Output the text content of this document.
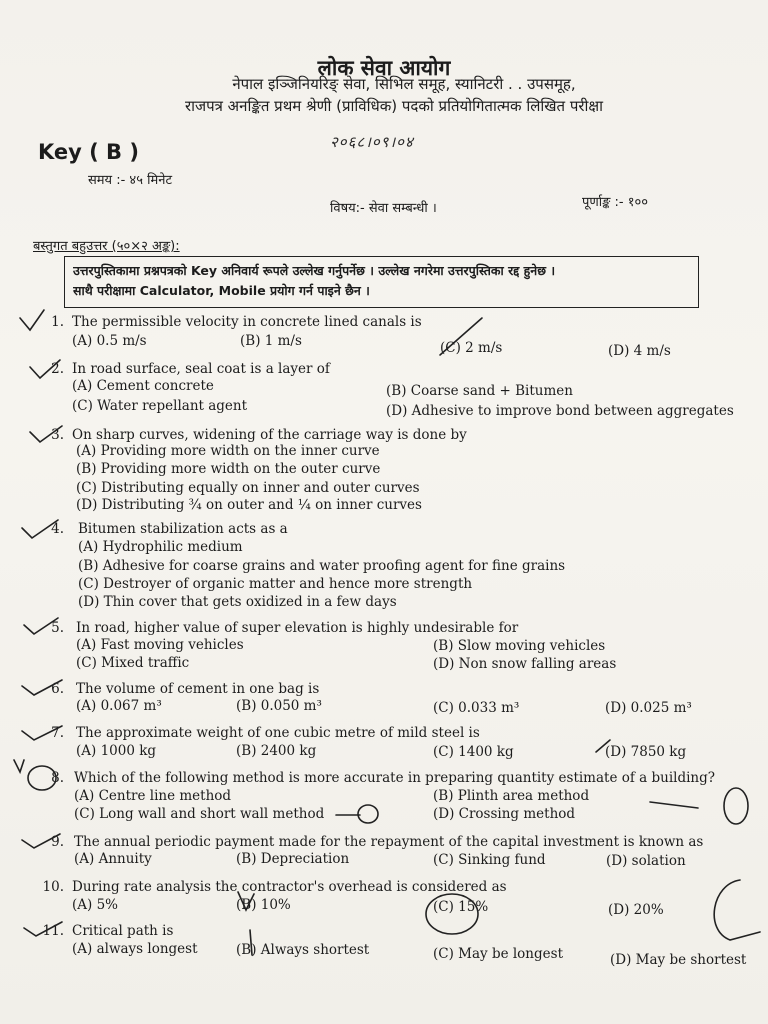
लोक सेवा आयोग
नेपाल इञ्जिनियरिङ् सेवा, सिभिल समूह, स्यानिटरी . . उपसमूह,
राजपत्र अनङ्कित प्रथम श्रेणी (प्राविधिक) पदको प्रतियोगितात्मक लिखित परीक्षा
२०६८।०९।०४
Key ( B )
समय :- ४५ मिनेट
विषय:- सेवा सम्बन्धी ।	पूर्णाङ्क :- १००
बस्तुगत बहुउत्तर (५०×२ अङ्क):
उत्तरपुस्तिकामा प्रश्नपत्रको Key अनिवार्य रूपले उल्लेख गर्नुपर्नेछ । उल्लेख नगरेमा उत्तरपुस्तिका रद्द हुनेछ ।
साथै परीक्षामा Calculator, Mobile प्रयोग गर्न पाइने छैन ।
1. The permissible velocity in concrete lined canals is
(A) 0.5 m/s	(B) 1 m/s	(C) 2 m/s	(D) 4 m/s
2. In road surface, seal coat is a layer of
(A) Cement concrete	(B) Coarse sand + Bitumen
(C) Water repellant agent	(D) Adhesive to improve bond between aggregates
3. On sharp curves, widening of the carriage way is done by
(A) Providing more width on the inner curve
(B) Providing more width on the outer curve
(C) Distributing equally on inner and outer curves
(D) Distributing ¾ on outer and ¼ on inner curves
4. Bitumen stabilization acts as a
(A) Hydrophilic medium
(B) Adhesive for coarse grains and water proofing agent for fine grains
(C) Destroyer of organic matter and hence more strength
(D) Thin cover that gets oxidized in a few days
5. In road, higher value of super elevation is highly undesirable for
(A) Fast moving vehicles	(B) Slow moving vehicles
(C) Mixed traffic	(D) Non snow falling areas
6. The volume of cement in one bag is
(A) 0.067 m³	(B) 0.050 m³	(C) 0.033 m³	(D) 0.025 m³
7. The approximate weight of one cubic metre of mild steel is
(A) 1000 kg	(B) 2400 kg	(C) 1400 kg	(D) 7850 kg
8. Which of the following method is more accurate in preparing quantity estimate of a building?
(A) Centre line method	(B) Plinth area method
(C) Long wall and short wall method	(D) Crossing method
9. The annual periodic payment made for the repayment of the capital investment is known as
(A) Annuity	(B) Depreciation	(C) Sinking fund	(D) solation
10. During rate analysis the contractor's overhead is considered as
(A) 5%	(B) 10%	(C) 15%	(D) 20%
11. Critical path is
(A) always longest	(B) Always shortest	(C) May be longest	(D) May be shortest
